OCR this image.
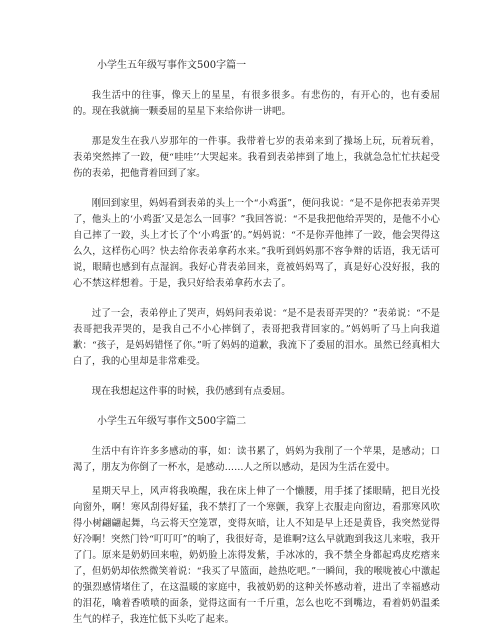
小学生五年级写事作文500字篇一

我生活中的往事，像天上的星星，有很多很多。有悲伤的，有开心的，也有委屈的。现在我就摘一颗委屈的星星下来给你讲一讲吧。

那是发生在我八岁那年的一件事。我带着七岁的表弟来到了操场上玩，玩着玩着，表弟突然摔了一跤，便“哇哇’’大哭起来。我看到表弟摔到了地上，我就急急忙忙扶起受伤的表弟，把他背着回到了家。

刚回到家里，妈妈看到表弟的头上一个“小鸡蛋”，便问我说：“是不是你把表弟弄哭了，他头上的‘小鸡蛋’又是怎么一回事？”我回答说：“不是我把他给弄哭的，是他不小心自己摔了一跤，头上才长了个‘小鸡蛋’的。”妈妈说：“不是你弄他摔了一跤，他会哭得这么久，这样伤心吗？快去给你表弟拿药水来。”我听到妈妈那不容争辩的话语，我无话可说，眼睛也感到有点湿润。我好心背表弟回来，竟被妈妈骂了，真是好心没好报，我的心不禁这样想着。于是，我只好给表弟拿药水去了。

过了一会，表弟停止了哭声，妈妈问表弟说：“是不是表哥弄哭的？”表弟说：“不是表哥把我弄哭的，是我自己不小心摔倒了，表哥把我背回家的。”妈妈听了马上向我道歉：“孩子，是妈妈错怪了你。”听了妈妈的道歉，我流下了委屈的泪水。虽然已经真相大白了，我的心里却是非常难受。

现在我想起这件事的时候，我仍感到有点委屈。

小学生五年级写事作文500字篇二

生活中有许许多多感动的事，如：读书累了，妈妈为我削了一个苹果，是感动；口渴了，朋友为你倒了一杯水，是感动……人之所以感动，是因为生活在爱中。

星期天早上，风声将我唤醒，我在床上伸了一个懒腰，用手揉了揉眼睛，把目光投向窗外，啊！寒风刮得好猛，我不禁打了一个寒颤，我穿上衣服走向窗边，看那寒风吹得小树翩翩起舞，乌云将天空笼罩，变得灰暗，让人不知是早上还是黄昏，我突然觉得好冷啊！突然门铃“叮叮叮”的响了，我很好奇，是谁啊?这么早就跑到我这儿来啦，我开了门。原来是奶奶回来啦，奶奶脸上冻得发紫，手冰冰的，我不禁全身都起鸡皮疙瘩来了，但奶奶却依然微笑着说：“我买了早篮面，趁热吃吧。”一瞬间，我的喉咙被心中激起的强烈感情堵住了，在这温暖的家庭中，我被奶奶的这种关怀感动着，进出了幸福感动的泪花，噙着香喷喷的面条，觉得这面有一千斤重，怎么也吃不到嘴边，看着奶奶温柔生气的样子，我连忙低下头吃了起来。
